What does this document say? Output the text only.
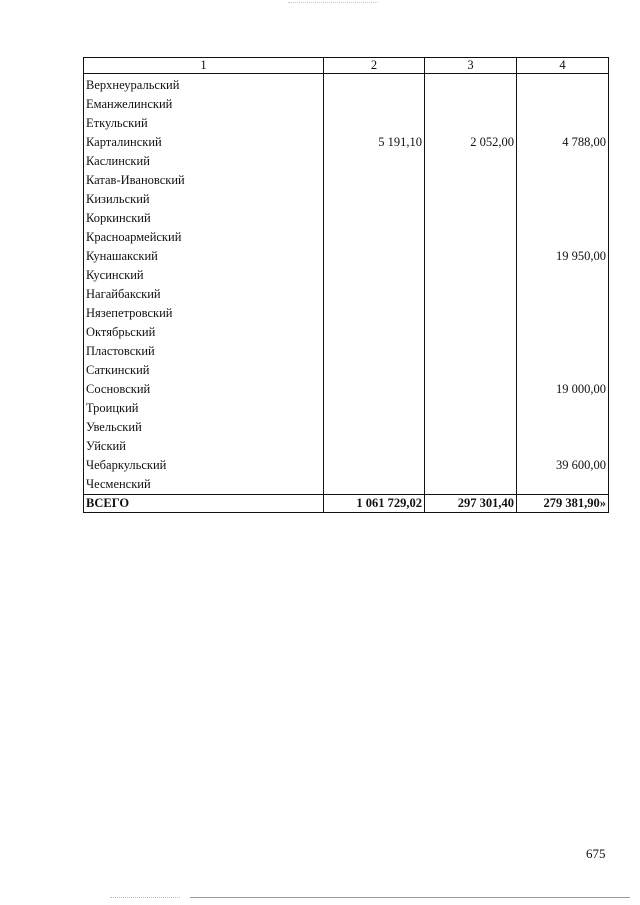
1	2	3	4
Верхнеуральский			
Еманжелинский			
Еткульский			
Карталинский	5 191,10	2 052,00	4 788,00
Каслинский			
Катав-Ивановский			
Кизильский			
Коркинский			
Красноармейский			
Кунашакский			19 950,00
Кусинский			
Нагайбакский			
Нязепетровский			
Октябрьский			
Пластовский			
Саткинский			
Сосновский			19 000,00
Троицкий			
Увельский			
Уйский			
Чебаркульский			39 600,00
Чесменский			
ВСЕГО	1 061 729,02	297 301,40	279 381,90»
675
